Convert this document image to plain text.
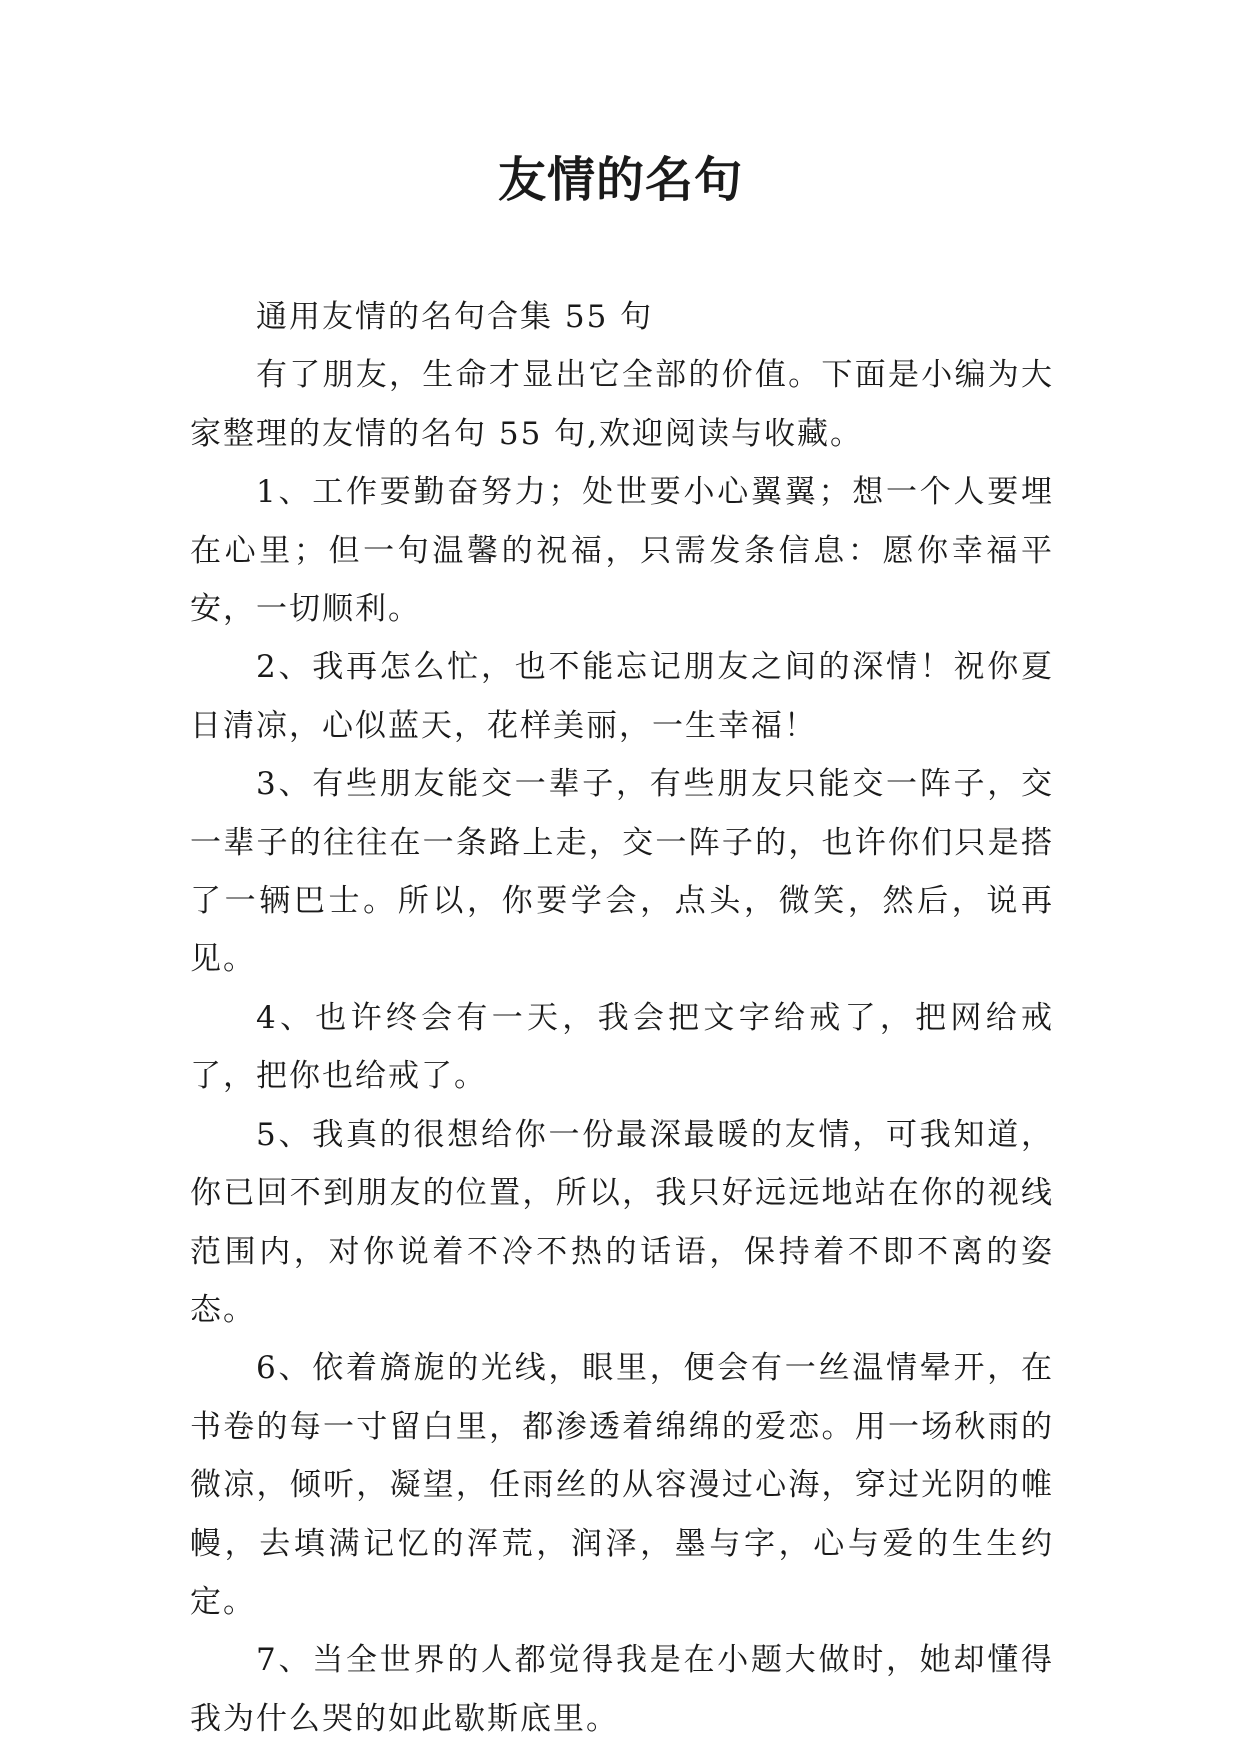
友情的名句

通用友情的名句合集 55 句

有了朋友，生命才显出它全部的价值。下面是小编为大家整理的友情的名句 55 句,欢迎阅读与收藏。

1、工作要勤奋努力；处世要小心翼翼；想一个人要埋在心里；但一句温馨的祝福，只需发条信息：愿你幸福平安，一切顺利。

2、我再怎么忙，也不能忘记朋友之间的深情！祝你夏日清凉，心似蓝天，花样美丽，一生幸福！

3、有些朋友能交一辈子，有些朋友只能交一阵子，交一辈子的往往在一条路上走，交一阵子的，也许你们只是搭了一辆巴士。所以，你要学会，点头，微笑，然后，说再见。

4、也许终会有一天，我会把文字给戒了，把网给戒了，把你也给戒了。

5、我真的很想给你一份最深最暖的友情，可我知道，你已回不到朋友的位置，所以，我只好远远地站在你的视线范围内，对你说着不冷不热的话语，保持着不即不离的姿态。

6、依着旖旎的光线，眼里，便会有一丝温情晕开，在书卷的每一寸留白里，都渗透着绵绵的爱恋。用一场秋雨的微凉，倾听，凝望，任雨丝的从容漫过心海，穿过光阴的帷幔，去填满记忆的浑荒，润泽，墨与字，心与爱的生生约定。

7、当全世界的人都觉得我是在小题大做时，她却懂得我为什么哭的如此歇斯底里。
